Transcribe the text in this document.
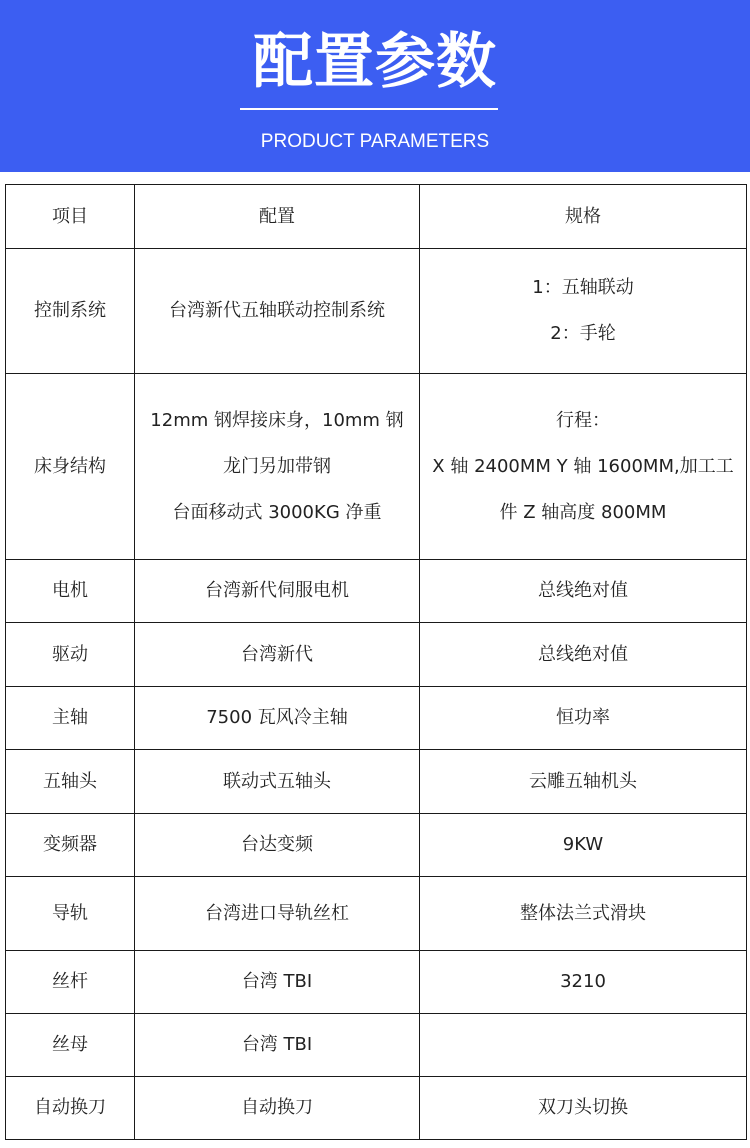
配置参数
PRODUCT PARAMETERS
项目	配置	规格
控制系统	台湾新代五轴联动控制系统	1：五轴联动
2：手轮

床身结构	12mm 钢焊接床身，10mm 钢
龙门另加带钢
台面移动式 3000KG 净重	行程：
X 轴 2400MM Y 轴 1600MM,加工工
件 Z 轴高度 800MM

电机	台湾新代伺服电机	总线绝对值

驱动	台湾新代	总线绝对值

主轴	7500 瓦风冷主轴	恒功率

五轴头	联动式五轴头	云雕五轴机头

变频器	台达变频	9KW

导轨	台湾进口导轨丝杠	整体法兰式滑块

丝杆	台湾 TBI	3210

丝母	台湾 TBI	

自动换刀	自动换刀	双刀头切换
